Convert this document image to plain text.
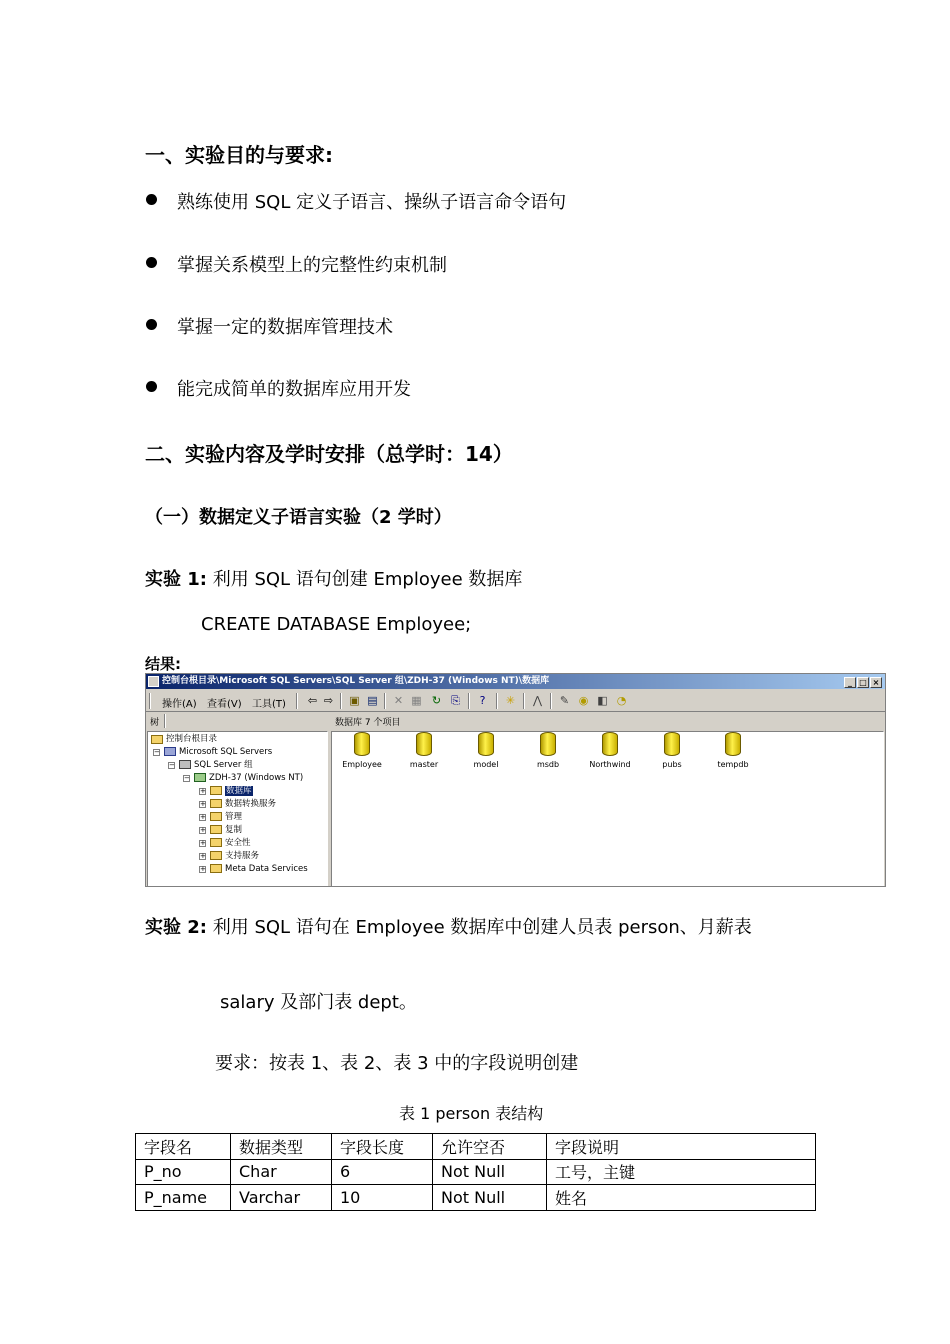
一、实验目的与要求:
熟练使用 SQL 定义子语言、操纵子语言命令语句
掌握关系模型上的完整性约束机制
掌握一定的数据库管理技术
能完成简单的数据库应用开发
二、实验内容及学时安排（总学时：14）
（一）数据定义子语言实验（2 学时）
实验 1: 利用 SQL 语句创建 Employee 数据库
CREATE DATABASE Employee;
结果:
控制台根目录\Microsoft SQL Servers\SQL Server 组\ZDH-37 (Windows NT)\数据库	_ □ ×
操作(A) 查看(V) 工具(T) ⇦ ⇨ ▣ ▤ ✕ ▦ ↻ ⎘	?	✳ ⋀ ✎ ◉ ◧ ◔
树	数据库 7 个项目
控制台根目录
− Microsoft SQL Servers
− SQL Server 组
− ZDH-37 (Windows NT)
+ 数据库
+ 数据转换服务
+ 管理
+ 复制
+ 安全性
+ 支持服务
+ Meta Data Services
Employee	master	model	msdb	Northwind	pubs	tempdb
实验 2: 利用 SQL 语句在 Employee 数据库中创建人员表 person、月薪表
salary 及部门表 dept。
要求：按表 1、表 2、表 3 中的字段说明创建
表 1 person 表结构
字段名	数据类型	字段长度	允许空否	字段说明
P_no	Char	6	Not Null	工号，主键
P_name	Varchar	10	Not Null	姓名
